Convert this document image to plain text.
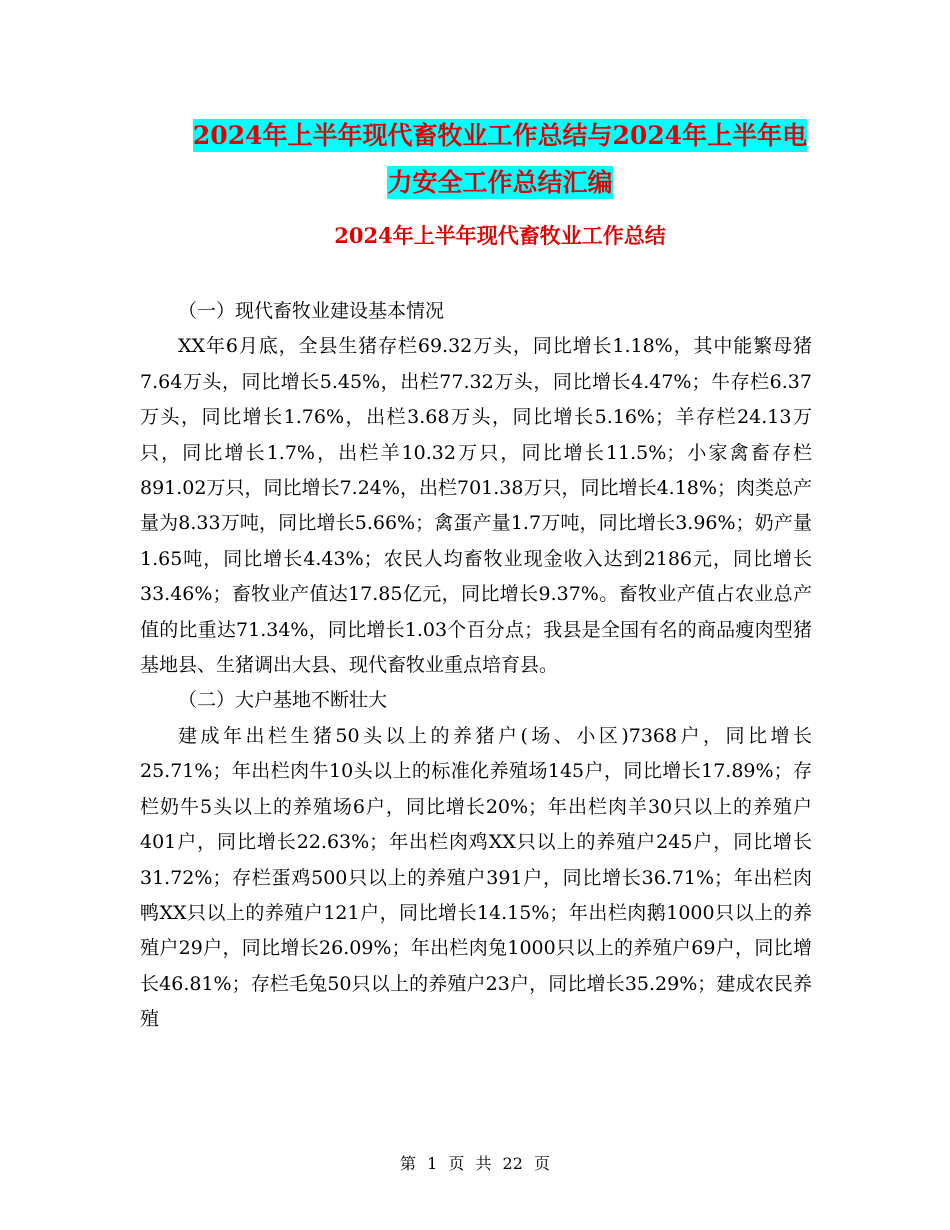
2024年上半年现代畜牧业工作总结与2024年上半年电
力安全工作总结汇编
2024年上半年现代畜牧业工作总结

（一）现代畜牧业建设基本情况

XX年6月底，全县生猪存栏69.32万头，同比增长1.18%，其中能繁母猪7.64万头，同比增长5.45%，出栏77.32万头，同比增长4.47%；牛存栏6.37万头，同比增长1.76%，出栏3.68万头，同比增长5.16%；羊存栏24.13万只，同比增长1.7%，出栏羊10.32万只，同比增长11.5%；小家禽畜存栏891.02万只，同比增长7.24%，出栏701.38万只，同比增长4.18%；肉类总产量为8.33万吨，同比增长5.66%；禽蛋产量1.7万吨，同比增长3.96%；奶产量1.65吨，同比增长4.43%；农民人均畜牧业现金收入达到2186元，同比增长33.46%；畜牧业产值达17.85亿元，同比增长9.37%。畜牧业产值占农业总产值的比重达71.34%，同比增长1.03个百分点；我县是全国有名的商品瘦肉型猪基地县、生猪调出大县、现代畜牧业重点培育县。

（二）大户基地不断壮大

建成年出栏生猪50头以上的养猪户(场、小区)7368户，同比增长25.71%；年出栏肉牛10头以上的标准化养殖场145户，同比增长17.89%；存栏奶牛5头以上的养殖场6户，同比增长20%；年出栏肉羊30只以上的养殖户401户，同比增长22.63%；年出栏肉鸡XX只以上的养殖户245户，同比增长31.72%；存栏蛋鸡500只以上的养殖户391户，同比增长36.71%；年出栏肉鸭XX只以上的养殖户121户，同比增长14.15%；年出栏肉鹅1000只以上的养殖户29户，同比增长26.09%；年出栏肉兔1000只以上的养殖户69户，同比增长46.81%；存栏毛兔50只以上的养殖户23户，同比增长35.29%；建成农民养殖

第 1 页 共 22 页
